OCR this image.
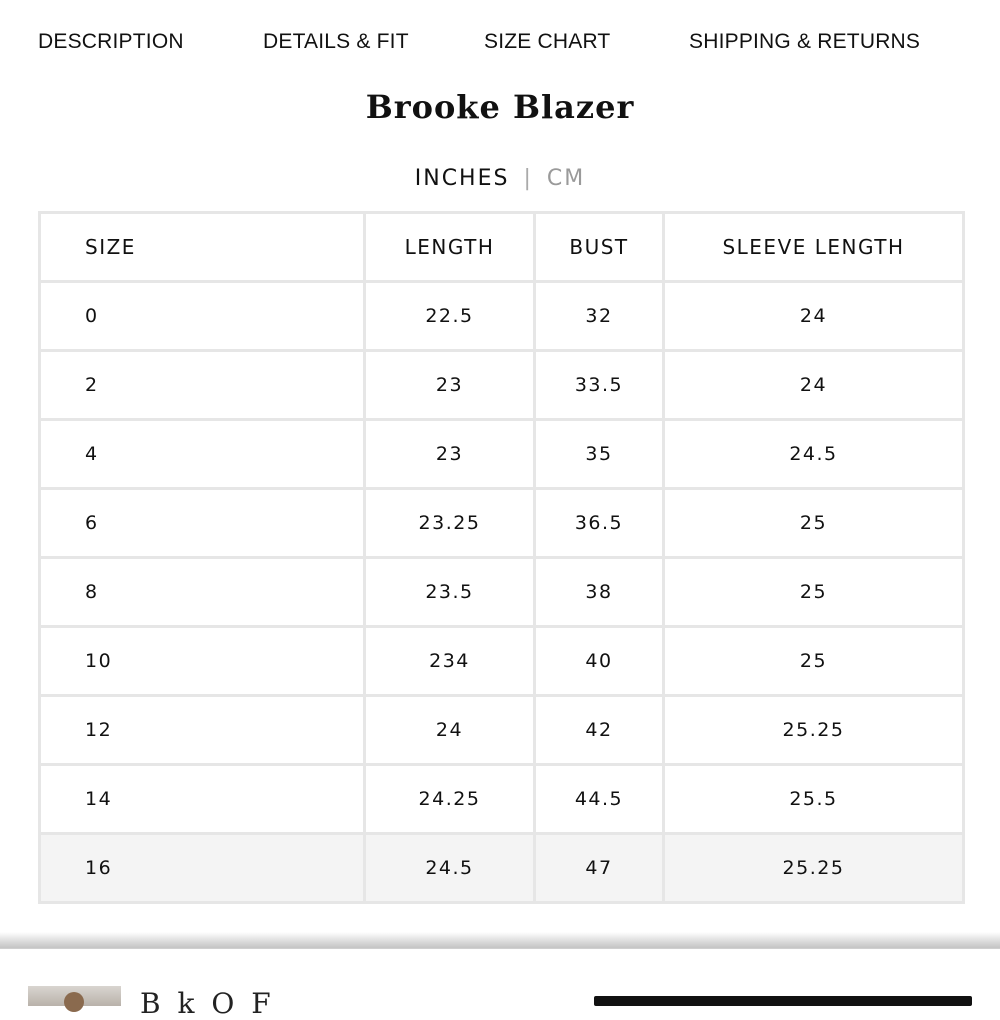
DESCRIPTION	DETAILS & FIT	SIZE CHART	SHIPPING & RETURNS
Brooke Blazer
INCHES | CM
SIZE	LENGTH	BUST	SLEEVE LENGTH
0	22.5	32	24
2	23	33.5	24
4	23	35	24.5
6	23.25	36.5	25
8	23.5	38	25
10	234	40	25
12	24	42	25.25
14	24.25	44.5	25.5
16	24.5	47	25.25
B k O F
